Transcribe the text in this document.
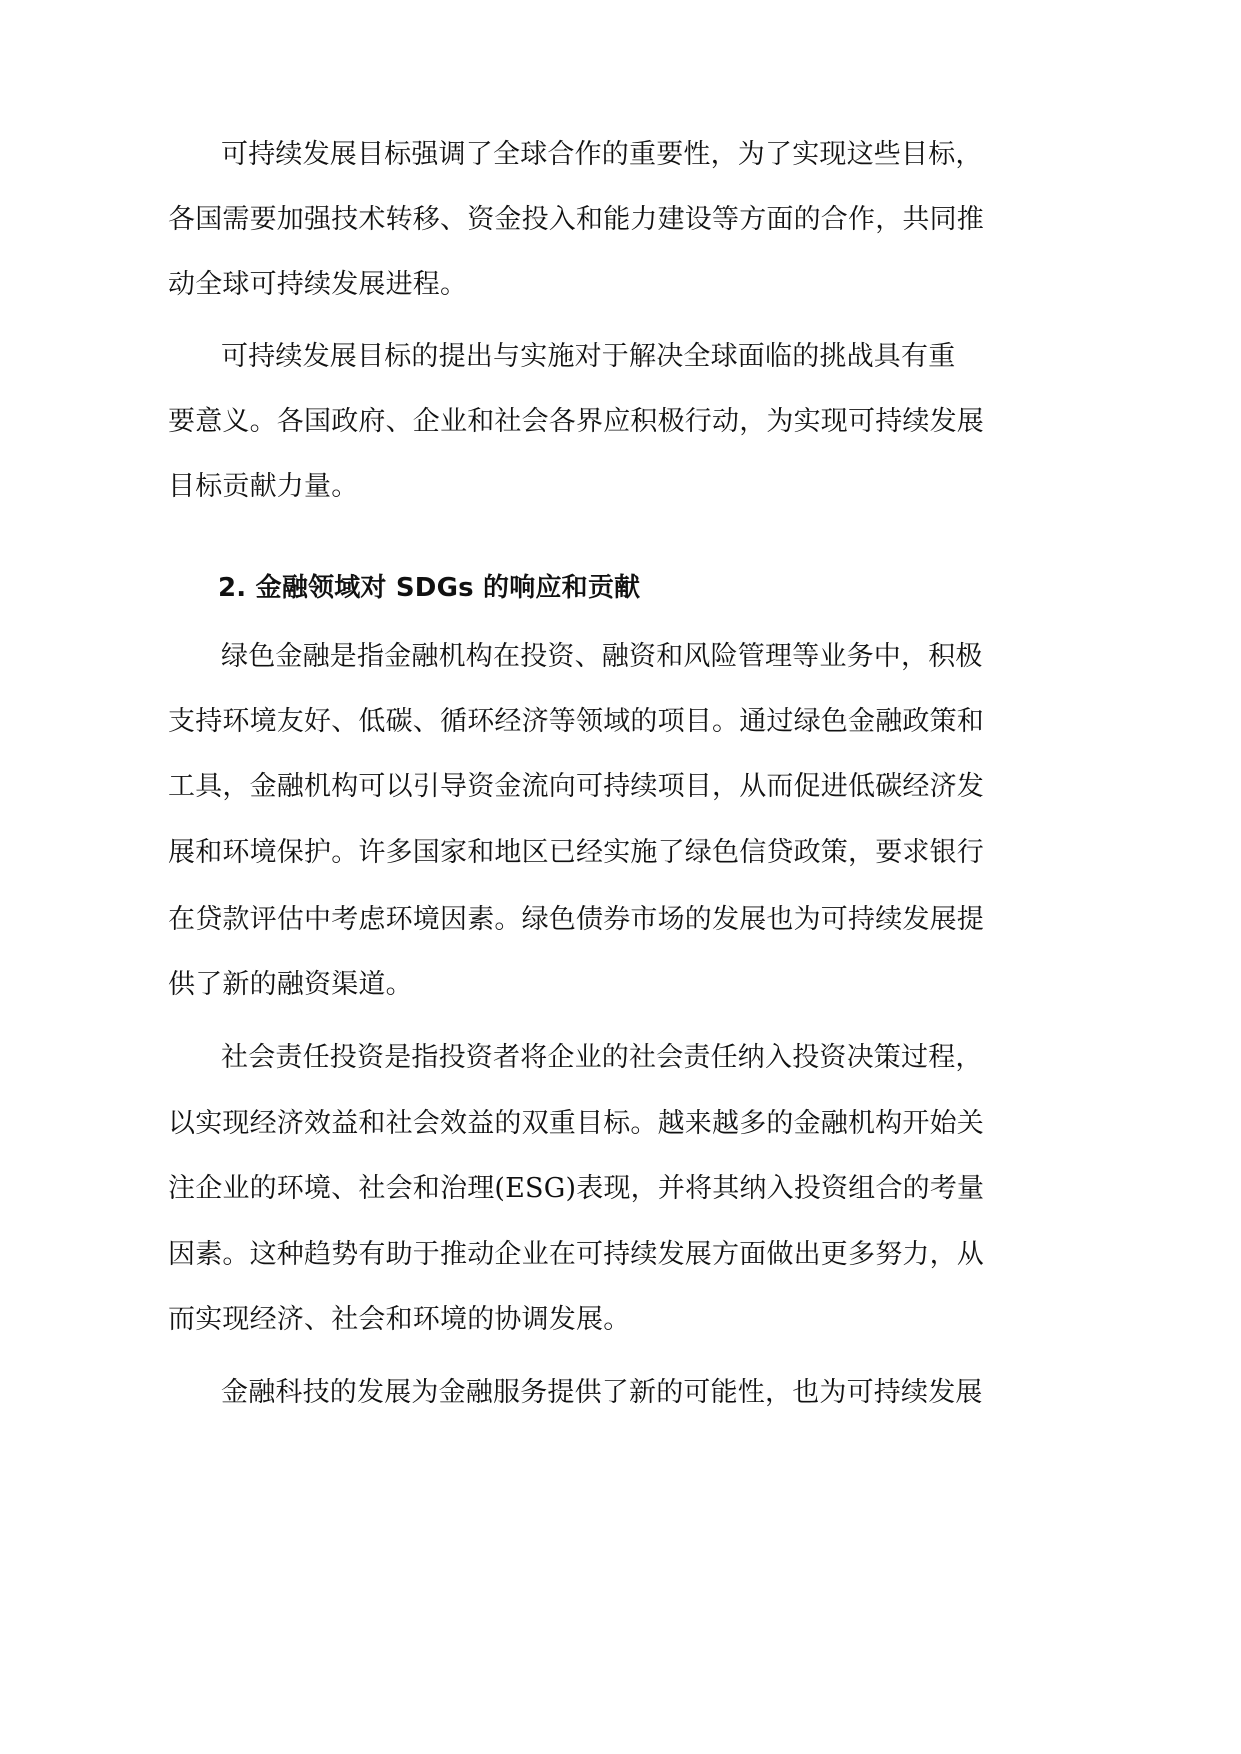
可持续发展目标强调了全球合作的重要性，为了实现这些目标，
各国需要加强技术转移、资金投入和能力建设等方面的合作，共同推
动全球可持续发展进程。
可持续发展目标的提出与实施对于解决全球面临的挑战具有重
要意义。各国政府、企业和社会各界应积极行动，为实现可持续发展
目标贡献力量。
2. 金融领域对 SDGs 的响应和贡献
绿色金融是指金融机构在投资、融资和风险管理等业务中，积极
支持环境友好、低碳、循环经济等领域的项目。通过绿色金融政策和
工具，金融机构可以引导资金流向可持续项目，从而促进低碳经济发
展和环境保护。许多国家和地区已经实施了绿色信贷政策，要求银行
在贷款评估中考虑环境因素。绿色债券市场的发展也为可持续发展提
供了新的融资渠道。
社会责任投资是指投资者将企业的社会责任纳入投资决策过程，
以实现经济效益和社会效益的双重目标。越来越多的金融机构开始关
注企业的环境、社会和治理(ESG)表现，并将其纳入投资组合的考量
因素。这种趋势有助于推动企业在可持续发展方面做出更多努力，从
而实现经济、社会和环境的协调发展。
金融科技的发展为金融服务提供了新的可能性，也为可持续发展
